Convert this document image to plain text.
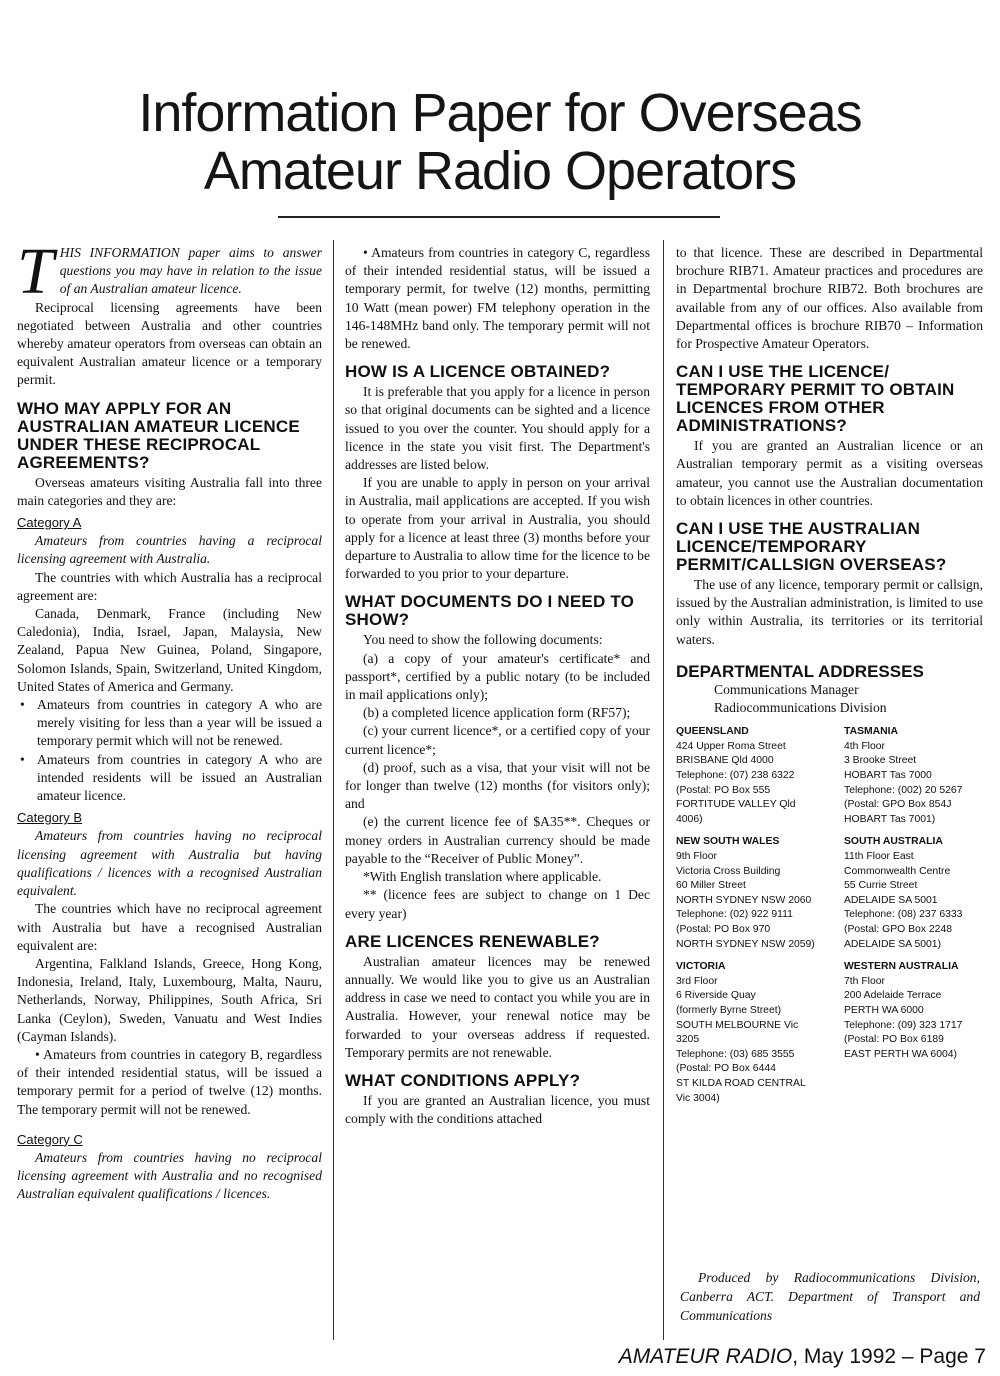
Information Paper for Overseas
Amateur Radio Operators

THIS INFORMATION paper aims to answer questions you may have in relation to the issue of an Australian amateur licence.

Reciprocal licensing agreements have been negotiated between Australia and other countries whereby amateur operators from overseas can obtain an equivalent Australian amateur licence or a temporary permit.

WHO MAY APPLY FOR AN AUSTRALIAN AMATEUR LICENCE UNDER THESE RECIPROCAL AGREEMENTS?

Overseas amateurs visiting Australia fall into three main categories and they are:

Category A

Amateurs from countries having a reciprocal licensing agreement with Australia.

The countries with which Australia has a reciprocal agreement are:

Canada, Denmark, France (including New Caledonia), India, Israel, Japan, Malaysia, New Zealand, Papua New Guinea, Poland, Singapore, Solomon Islands, Spain, Switzerland, United Kingdom, United States of America and Germany.

• Amateurs from countries in category A who are merely visiting for less than a year will be issued a temporary permit which will not be renewed.
• Amateurs from countries in category A who are intended residents will be issued an Australian amateur licence.
Category B

Amateurs from countries having no reciprocal licensing agreement with Australia but having qualifications / licences with a recognised Australian equivalent.

The countries which have no reciprocal agreement with Australia but have a recognised Australian equivalent are:

Argentina, Falkland Islands, Greece, Hong Kong, Indonesia, Ireland, Italy, Luxembourg, Malta, Nauru, Netherlands, Norway, Philippines, South Africa, Sri Lanka (Ceylon), Sweden, Vanuatu and West Indies (Cayman Islands).

• Amateurs from countries in category B, regardless of their intended residential status, will be issued a temporary permit for a period of twelve (12) months. The temporary permit will not be renewed.

Category C

Amateurs from countries having no reciprocal licensing agreement with Australia and no recognised Australian equivalent qualifications / licences.

• Amateurs from countries in category C, regardless of their intended residential status, will be issued a temporary permit, for twelve (12) months, permitting 10 Watt (mean power) FM telephony operation in the 146-148MHz band only. The temporary permit will not be renewed.

HOW IS A LICENCE OBTAINED?

It is preferable that you apply for a licence in person so that original documents can be sighted and a licence issued to you over the counter. You should apply for a licence in the state you visit first. The Department's addresses are listed below.

If you are unable to apply in person on your arrival in Australia, mail applications are accepted. If you wish to operate from your arrival in Australia, you should apply for a licence at least three (3) months before your departure to Australia to allow time for the licence to be forwarded to you prior to your departure.

WHAT DOCUMENTS DO I NEED TO SHOW?

You need to show the following documents:

(a) a copy of your amateur's certificate* and passport*, certified by a public notary (to be included in mail applications only);

(b) a completed licence application form (RF57);

(c) your current licence*, or a certified copy of your current licence*;

(d) proof, such as a visa, that your visit will not be for longer than twelve (12) months (for visitors only); and

(e) the current licence fee of $A35**. Cheques or money orders in Australian currency should be made payable to the “Receiver of Public Money”.

*With English translation where applicable.

** (licence fees are subject to change on 1 Dec every year)

ARE LICENCES RENEWABLE?

Australian amateur licences may be renewed annually. We would like you to give us an Australian address in case we need to contact you while you are in Australia. However, your renewal notice may be forwarded to your overseas address if requested. Temporary permits are not renewable.

WHAT CONDITIONS APPLY?

If you are granted an Australian licence, you must comply with the conditions attached

to that licence. These are described in Departmental brochure RIB71. Amateur practices and procedures are in Departmental brochure RIB72. Both brochures are available from any of our offices. Also available from Departmental offices is brochure RIB70 – Information for Prospective Amateur Operators.

CAN I USE THE LICENCE/ TEMPORARY PERMIT TO OBTAIN LICENCES FROM OTHER ADMINISTRATIONS?

If you are granted an Australian licence or an Australian temporary permit as a visiting overseas amateur, you cannot use the Australian documentation to obtain licences in other countries.

CAN I USE THE AUSTRALIAN LICENCE/TEMPORARY PERMIT/CALLSIGN OVERSEAS?

The use of any licence, temporary permit or callsign, issued by the Australian administration, is limited to use only within Australia, its territories or its territorial waters.

DEPARTMENTAL ADDRESSES

Communications Manager

Radiocommunications Division

QUEENSLAND
424 Upper Roma Street
BRISBANE Qld 4000
Telephone: (07) 238 6322
(Postal: PO Box 555
FORTITUDE VALLEY Qld
4006)
TASMANIA
4th Floor
3 Brooke Street
HOBART Tas 7000
Telephone: (002) 20 5267
(Postal: GPO Box 854J
HOBART Tas 7001)
NEW SOUTH WALES
9th Floor
Victoria Cross Building
60 Miller Street
NORTH SYDNEY NSW 2060
Telephone: (02) 922 9111
(Postal: PO Box 970
NORTH SYDNEY NSW 2059)
SOUTH AUSTRALIA
11th Floor East
Commonwealth Centre
55 Currie Street
ADELAIDE SA 5001
Telephone: (08) 237 6333
(Postal: GPO Box 2248
ADELAIDE SA 5001)
VICTORIA
3rd Floor
6 Riverside Quay
(formerly Byrne Street)
SOUTH MELBOURNE Vic
3205
Telephone: (03) 685 3555
(Postal: PO Box 6444
ST KILDA ROAD CENTRAL
Vic 3004)
WESTERN AUSTRALIA
7th Floor
200 Adelaide Terrace
PERTH WA 6000
Telephone: (09) 323 1717
(Postal: PO Box 6189
EAST PERTH WA 6004)
Produced by Radiocommunications Division, Canberra ACT. Department of Transport and Communications
AMATEUR RADIO, May 1992 – Page 7
